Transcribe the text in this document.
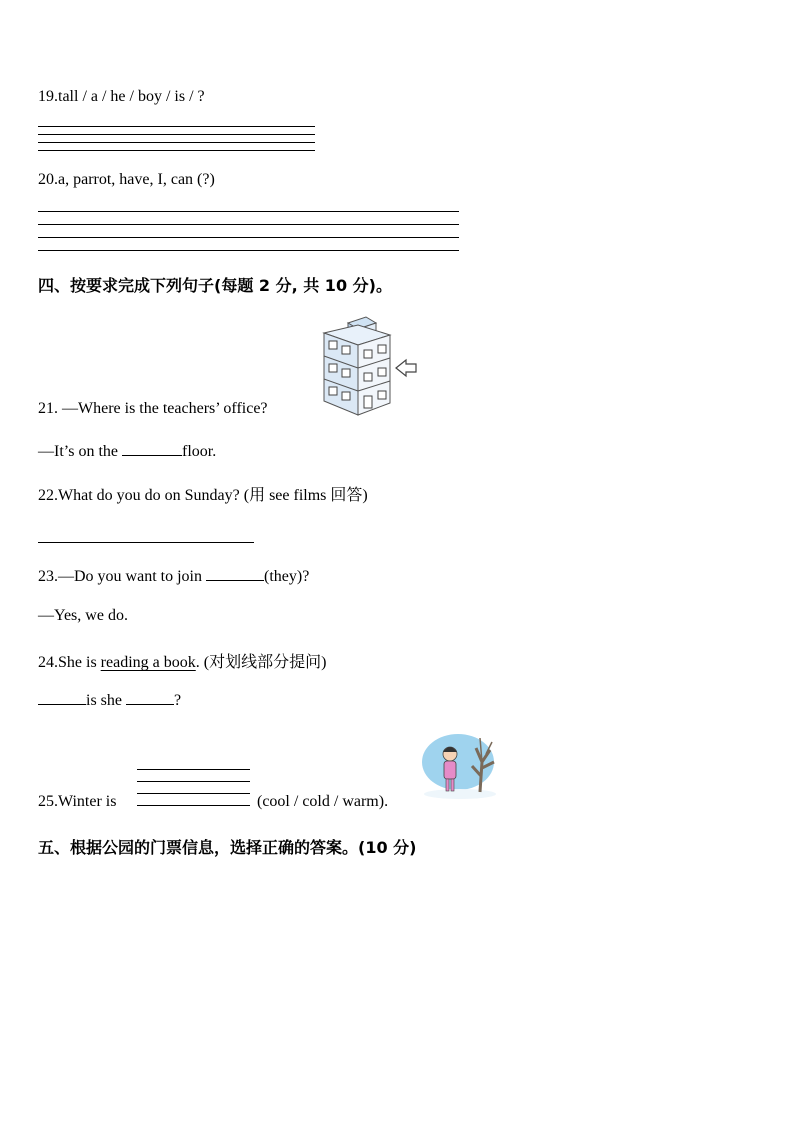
19.tall / a / he / boy / is / ?
20.a, parrot, have, I, can (?)
四、按要求完成下列句子(每题 2 分, 共 10 分)。
21. —Where is the teachers’ office?
—It’s on the	floor.
22.What do you do on Sunday? (用 see films 回答)
23.—Do you want to join	(they)?
—Yes, we do.
24.She is reading a book. (对划线部分提问)
is she	?
25.Winter is	(cool / cold / warm).
五、根据公园的门票信息，选择正确的答案。(10 分)
